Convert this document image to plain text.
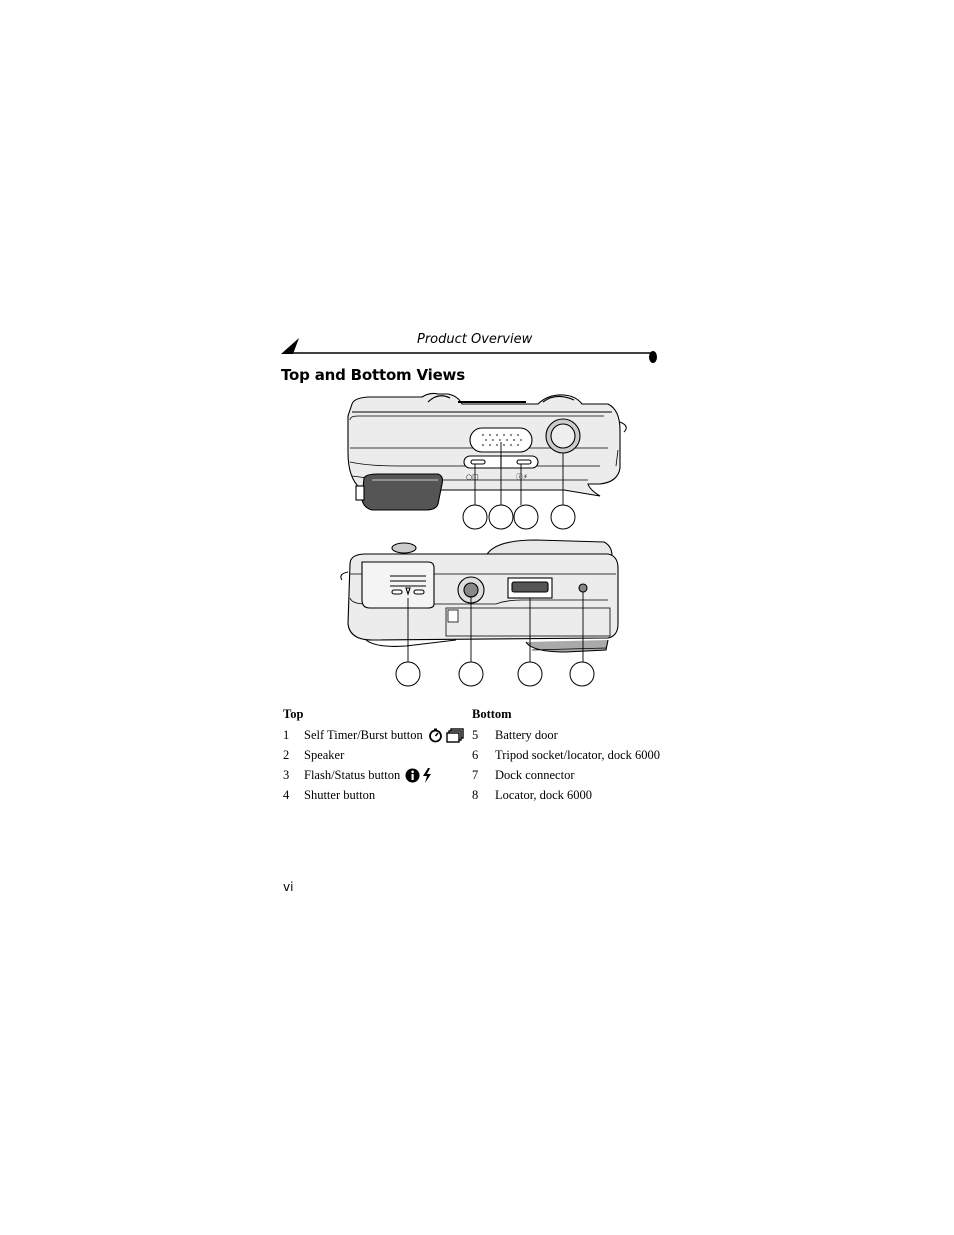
Product Overview
Top and Bottom Views
○□	ⓘ⚡
Top
1	Self Timer/Burst button
2	Speaker
3	Flash/Status button
4	Shutter button
Bottom
5	Battery door
6	Tripod socket/locator, dock 6000
7	Dock connector
8	Locator, dock 6000
vi
